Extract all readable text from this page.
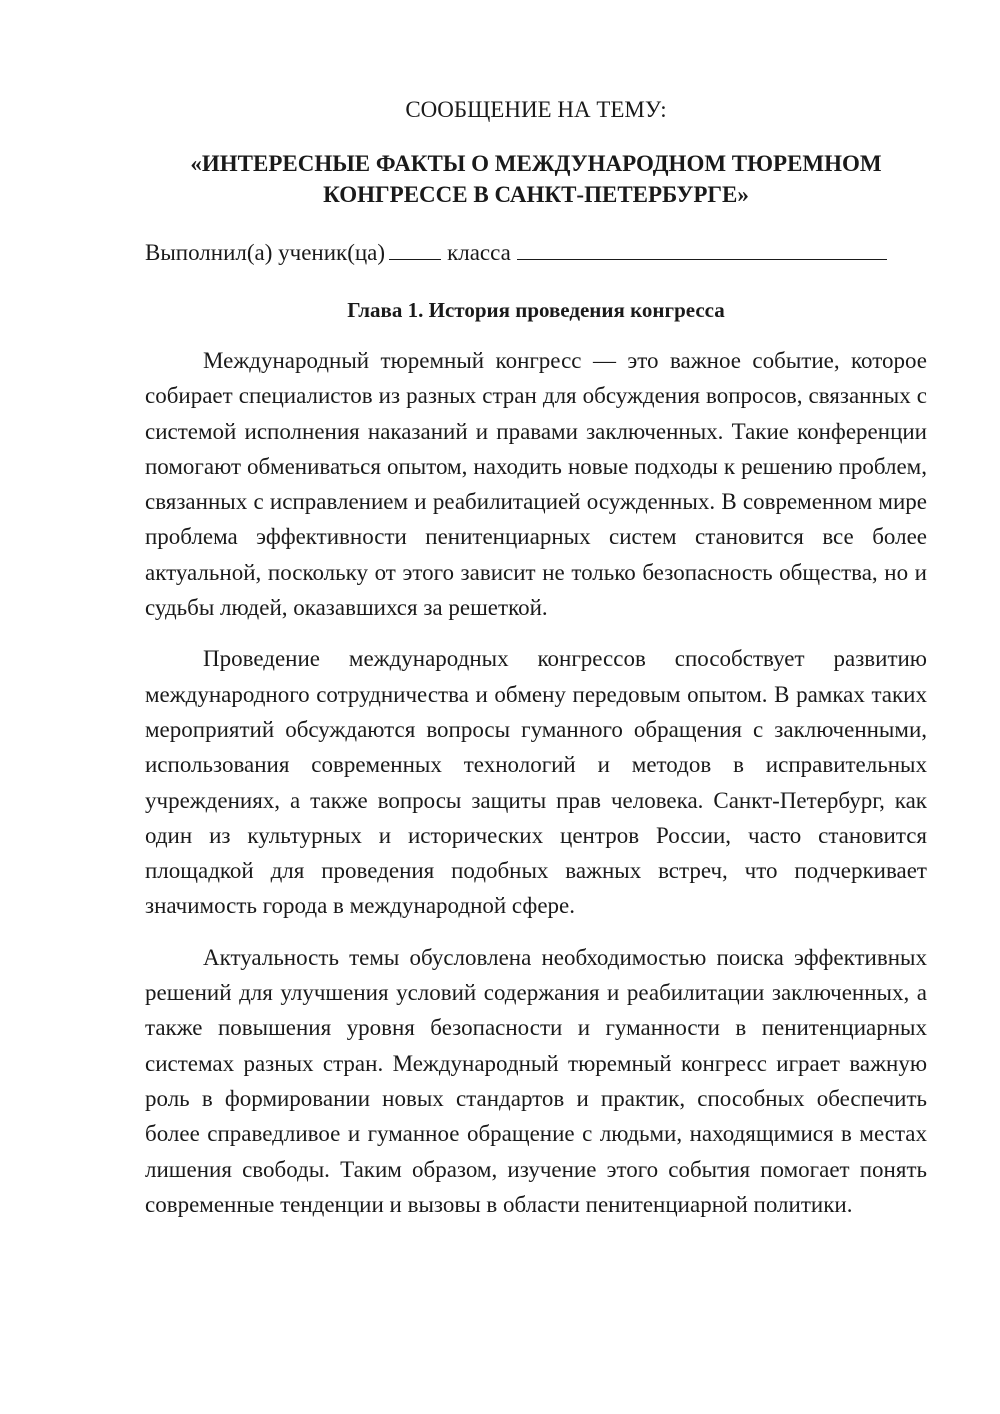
СООБЩЕНИЕ НА ТЕМУ:

«ИНТЕРЕСНЫЕ ФАКТЫ О МЕЖДУНАРОДНОМ ТЮРЕМНОМ КОНГРЕССЕ В САНКТ-ПЕТЕРБУРГЕ»

Выполнил(а) ученик(ца)	класса

Глава 1. История проведения конгресса

Международный тюремный конгресс — это важное событие, которое собирает специалистов из разных стран для обсуждения вопросов, связанных с системой исполнения наказаний и правами заключенных. Такие конференции помогают обмениваться опытом, находить новые подходы к решению проблем, связанных с исправлением и реабилитацией осужденных. В современном мире проблема эффективности пенитенциарных систем становится все более актуальной, поскольку от этого зависит не только безопасность общества, но и судьбы людей, оказавшихся за решеткой.

Проведение международных конгрессов способствует развитию международного сотрудничества и обмену передовым опытом. В рамках таких мероприятий обсуждаются вопросы гуманного обращения с заключенными, использования современных технологий и методов в исправительных учреждениях, а также вопросы защиты прав человека. Санкт-Петербург, как один из культурных и исторических центров России, часто становится площадкой для проведения подобных важных встреч, что подчеркивает значимость города в международной сфере.

Актуальность темы обусловлена необходимостью поиска эффективных решений для улучшения условий содержания и реабилитации заключенных, а также повышения уровня безопасности и гуманности в пенитенциарных системах разных стран. Международный тюремный конгресс играет важную роль в формировании новых стандартов и практик, способных обеспечить более справедливое и гуманное обращение с людьми, находящимися в местах лишения свободы. Таким образом, изучение этого события помогает понять современные тенденции и вызовы в области пенитенциарной политики.
